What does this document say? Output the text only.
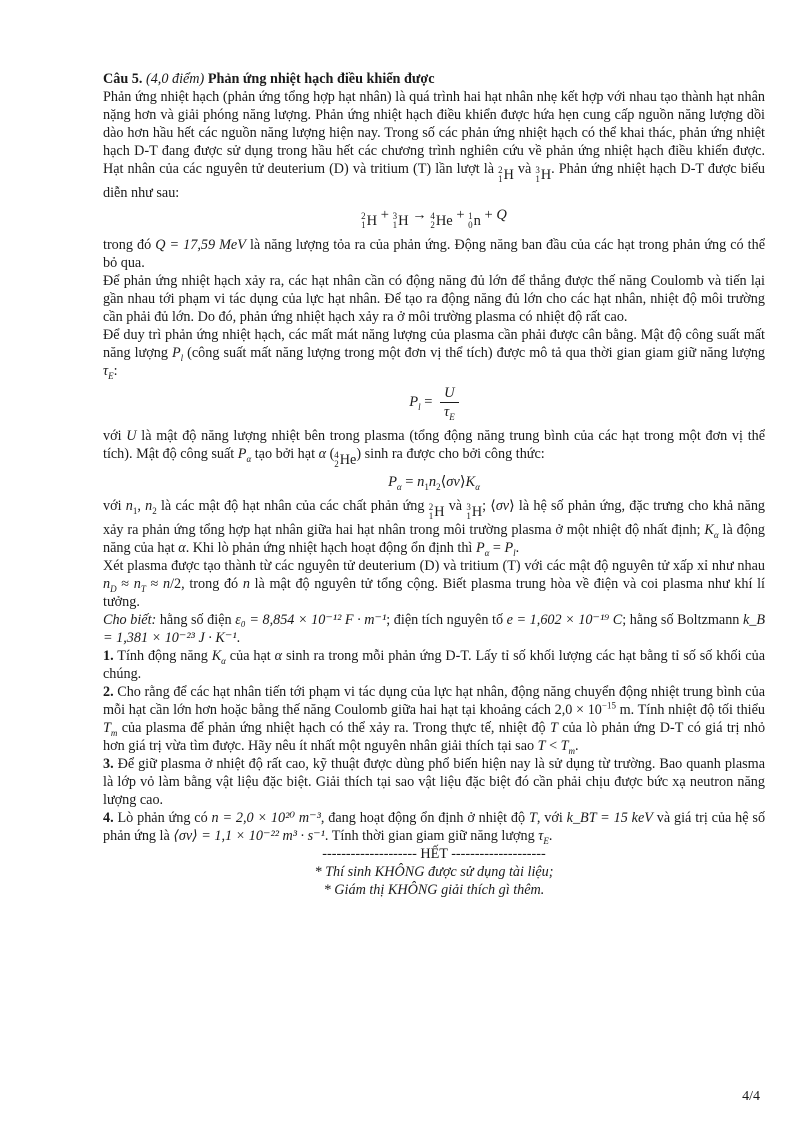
Câu 5. (4,0 điểm) Phản ứng nhiệt hạch điều khiển được

Phản ứng nhiệt hạch (phản ứng tổng hợp hạt nhân) là quá trình hai hạt nhân nhẹ kết hợp với nhau tạo thành hạt nhân nặng hơn và giải phóng năng lượng. Phản ứng nhiệt hạch điều khiển được hứa hẹn cung cấp nguồn năng lượng dồi dào hơn hầu hết các nguồn năng lượng hiện nay. Trong số các phản ứng nhiệt hạch có thể khai thác, phản ứng nhiệt hạch D-T đang được sử dụng trong hầu hết các chương trình nghiên cứu về phản ứng nhiệt hạch điều khiển được. Hạt nhân của các nguyên tử deuterium (D) và tritium (T) lần lượt là 2
1 H và 3
1 H. Phản ứng nhiệt hạch D-T được biểu diễn như sau:

2
1 H + 3
1 H → 4
2 He + 1
0 n + Q

trong đó Q = 17,59 MeV là năng lượng tỏa ra của phản ứng. Động năng ban đầu của các hạt trong phản ứng có thể bỏ qua.

Để phản ứng nhiệt hạch xảy ra, các hạt nhân cần có động năng đủ lớn để thắng được thế năng Coulomb và tiến lại gần nhau tới phạm vi tác dụng của lực hạt nhân. Để tạo ra động năng đủ lớn cho các hạt nhân, nhiệt độ môi trường cần phải đủ lớn. Do đó, phản ứng nhiệt hạch xảy ra ở môi trường plasma có nhiệt độ rất cao.

Để duy trì phản ứng nhiệt hạch, các mất mát năng lượng của plasma cần phải được cân bằng. Mật độ công suất mất năng lượng $P_l$ (công suất mất năng lượng trong một đơn vị thể tích) được mô tả qua thời gian giam giữ năng lượng $\tau_E$:

$P_l = \frac{U}{\tau_E}$

với U là mật độ năng lượng nhiệt bên trong plasma (tổng động năng trung bình của các hạt trong một đơn vị thể tích). Mật độ công suất $P_\alpha$ tạo bởi hạt α ( 4
2 He) sinh ra được cho bởi công thức:

$P_\alpha$ = $n_1n_2⟨\sigma v⟩K_\alpha$

với $n_1$, $n_2$ là các mật độ hạt nhân của các chất phản ứng 2
1 H và 3
1 H; ⟨σv⟩ là hệ số phản ứng, đặc trưng cho khả năng xảy ra phản ứng tổng hợp hạt nhân giữa hai hạt nhân trong môi trường plasma ở một nhiệt độ nhất định; $K_\alpha$ là động năng của hạt α. Khi lò phản ứng nhiệt hạch hoạt động ổn định thì $P_\alpha = P_l$.

Xét plasma được tạo thành từ các nguyên tử deuterium (D) và tritium (T) với các mật độ nguyên tử xấp xỉ như nhau $n_D \approx n_T \approx n/2$, trong đó n là mật độ nguyên tử tổng cộng. Biết plasma trung hòa về điện và coi plasma như khí lí tưởng.

Cho biết: hằng số điện ε₀ = 8,854 × 10⁻¹² F · m⁻¹; điện tích nguyên tố e = 1,602 × 10⁻¹⁹ C; hằng số Boltzmann k_B = 1,381 × 10⁻²³ J · K⁻¹.

1. Tính động năng $K_\alpha$ của hạt α sinh ra trong mỗi phản ứng D-T. Lấy tỉ số khối lượng các hạt bằng tỉ số số khối của chúng.

2. Cho rằng để các hạt nhân tiến tới phạm vi tác dụng của lực hạt nhân, động năng chuyển động nhiệt trung bình của mỗi hạt cần lớn hơn hoặc bằng thế năng Coulomb giữa hai hạt tại khoảng cách $2,0 \times 10^{-15}$ m. Tính nhiệt độ tối thiểu $T_m$ của plasma để phản ứng nhiệt hạch có thể xảy ra. Trong thực tế, nhiệt độ T của lò phản ứng D-T có giá trị nhỏ hơn giá trị vừa tìm được. Hãy nêu ít nhất một nguyên nhân giải thích tại sao $T < T_m$.

3. Để giữ plasma ở nhiệt độ rất cao, kỹ thuật được dùng phổ biến hiện nay là sử dụng từ trường. Bao quanh plasma là lớp vỏ làm bằng vật liệu đặc biệt. Giải thích tại sao vật liệu đặc biệt đó cần phải chịu được bức xạ neutron năng lượng cao.

4. Lò phản ứng có n = 2,0 × 10²⁰ m⁻³, đang hoạt động ổn định ở nhiệt độ T, với k_BT = 15 keV và giá trị của hệ số phản ứng là ⟨σv⟩ = 1,1 × 10⁻²² m³ · s⁻¹. Tính thời gian giam giữ năng lượng $\tau_E$.

-------------------- HẾT --------------------

* Thí sinh KHÔNG được sử dụng tài liệu;

* Giám thị KHÔNG giải thích gì thêm.

4/4
